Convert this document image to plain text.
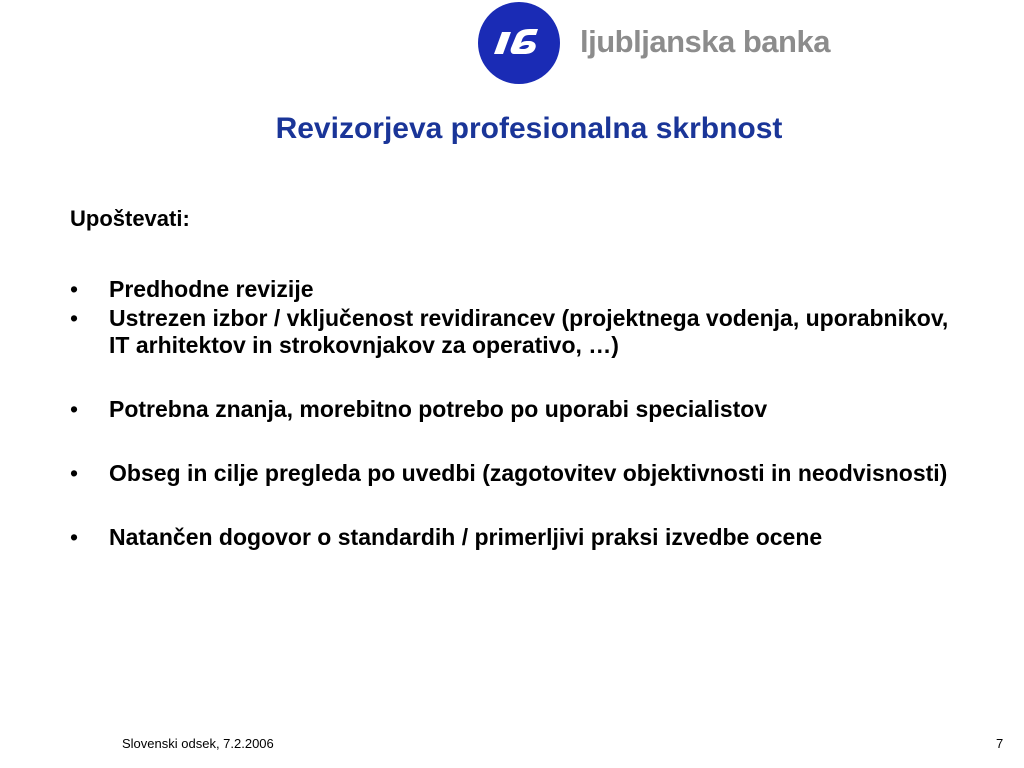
ljubljanska banka
Revizorjeva profesionalna skrbnost
Upoštevati:
• Predhodne revizije
• Ustrezen izbor / vključenost revidirancev (projektnega vodenja, uporabnikov, IT arhitektov in strokovnjakov za operativo, …)
• Potrebna znanja, morebitno potrebo po uporabi specialistov
• Obseg in cilje pregleda po uvedbi (zagotovitev objektivnosti in neodvisnosti)
• Natančen dogovor o standardih / primerljivi praksi izvedbe ocene
Slovenski odsek, 7.2.2006	7
